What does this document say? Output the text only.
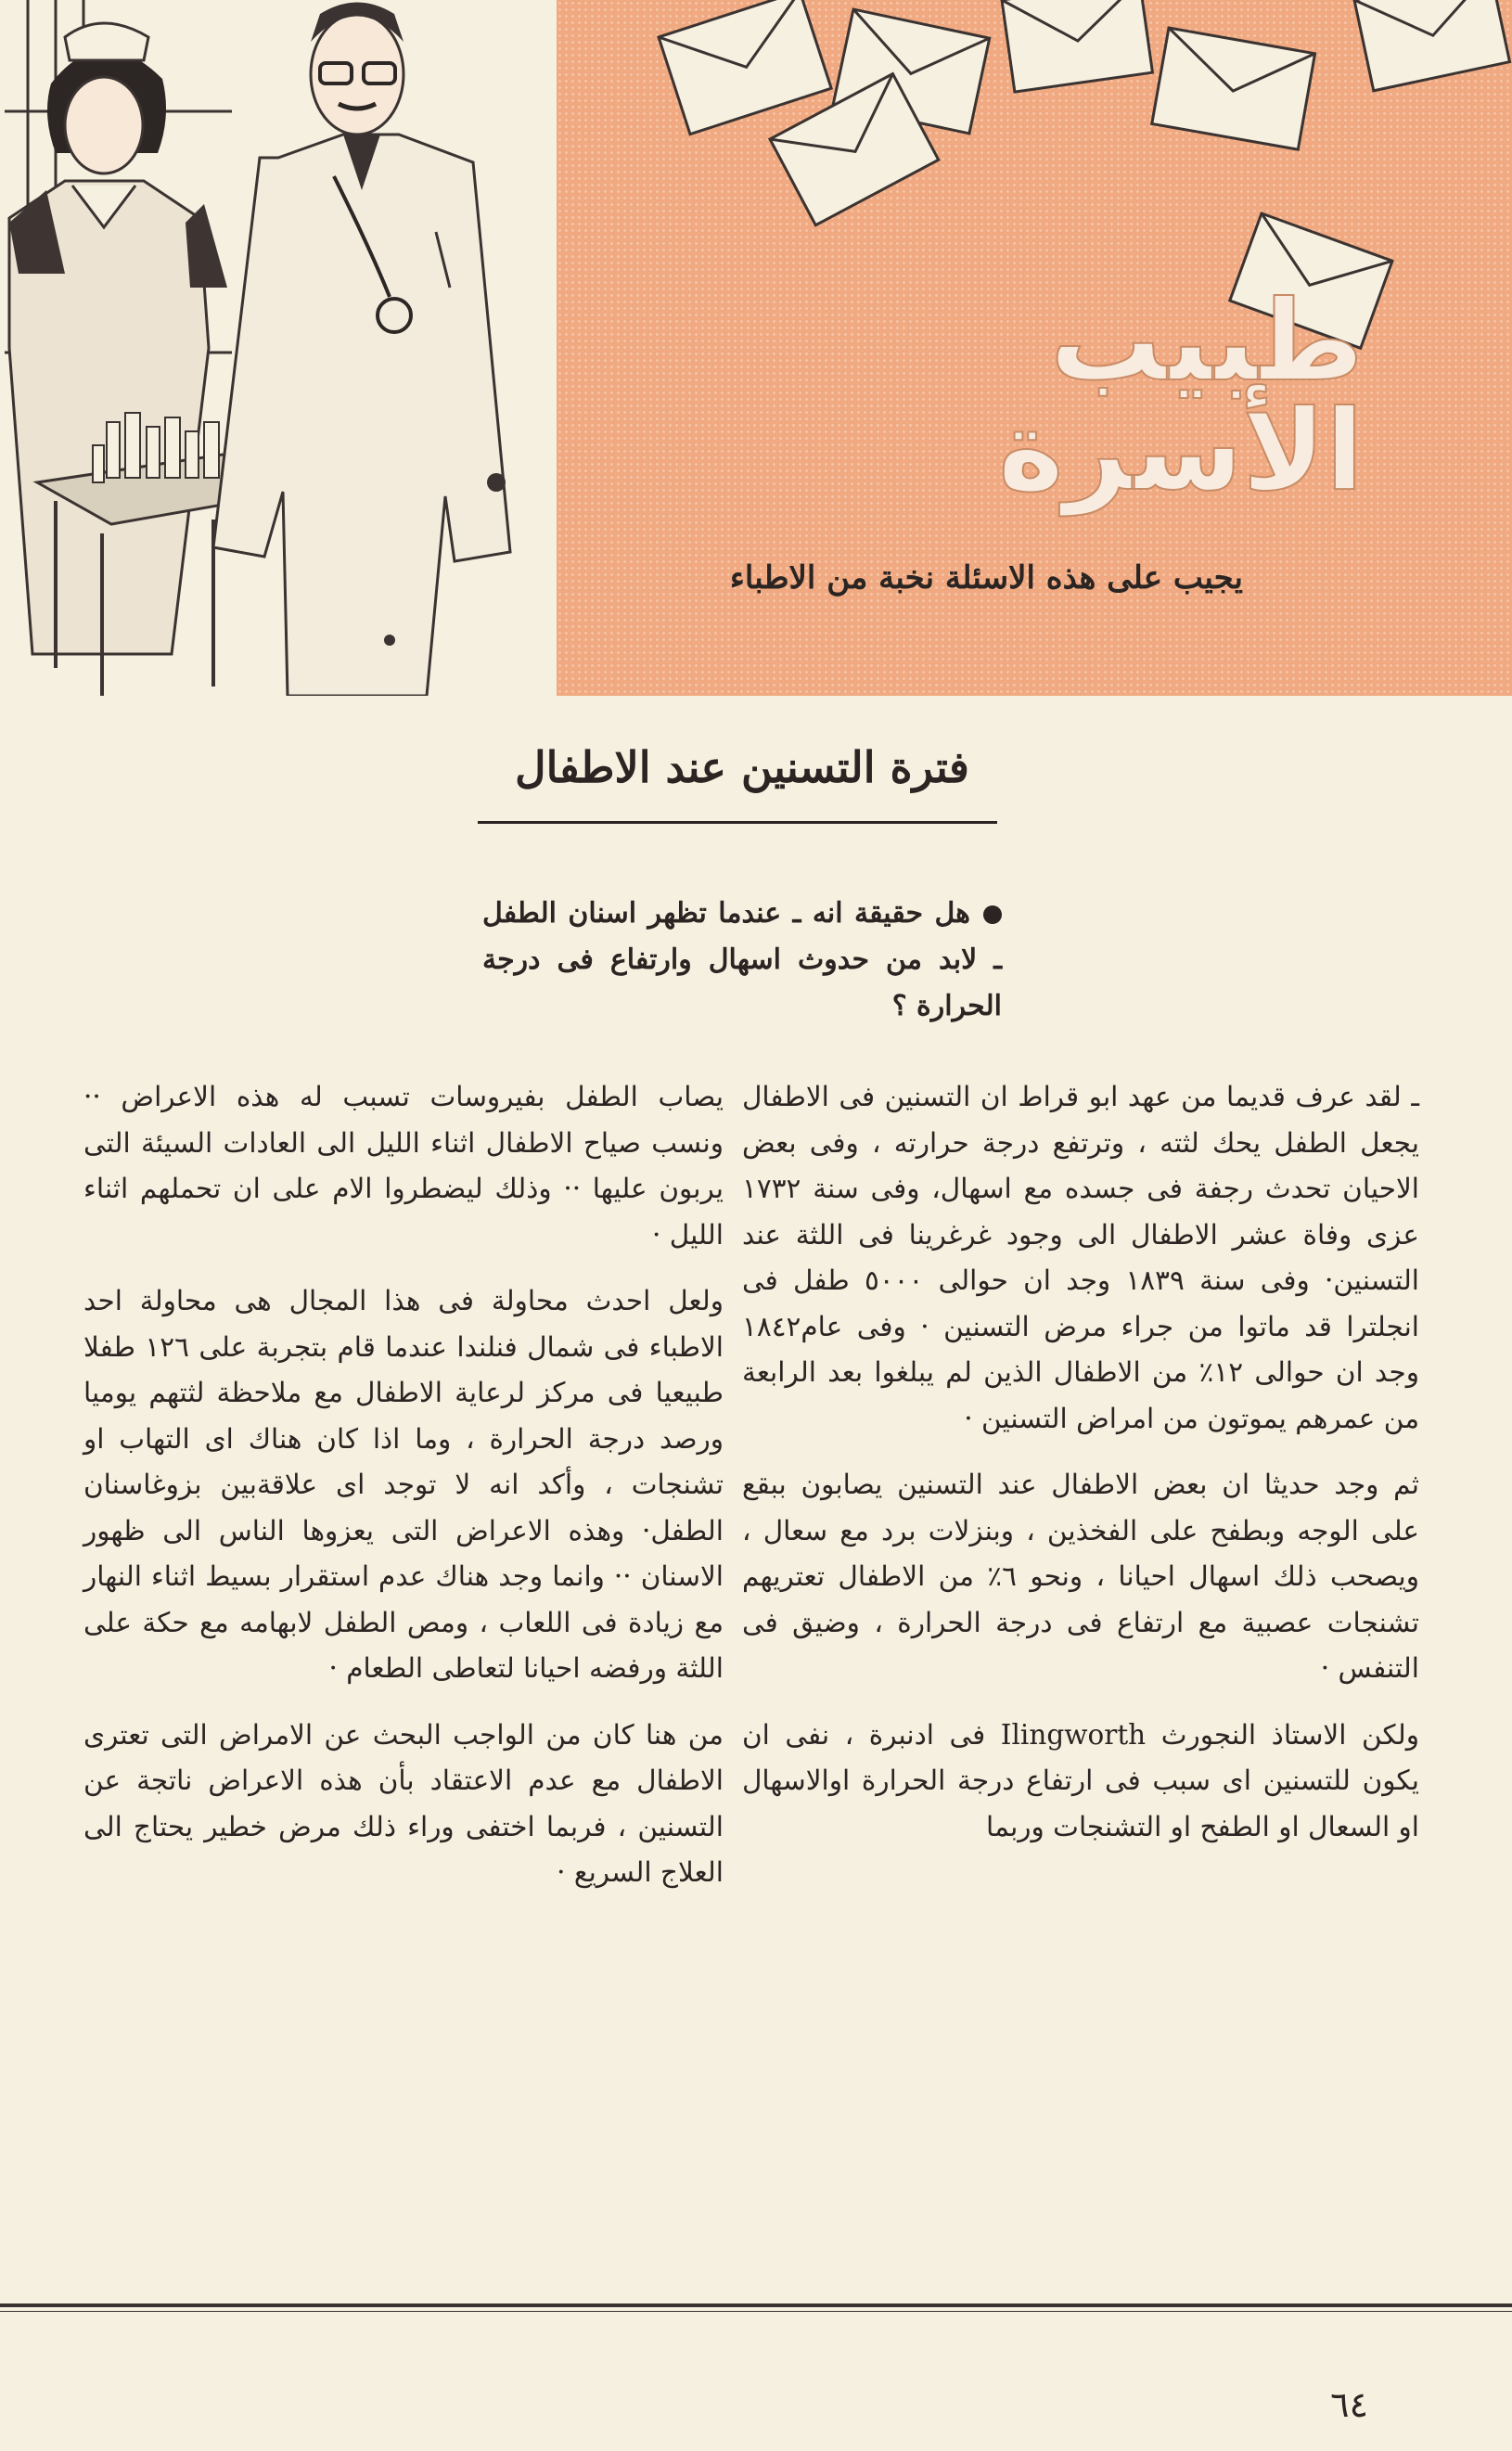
طبيب
الأسرة
يجيب على هذه الاسئلة نخبة من الاطباء
فترة التسنين عند الاطفال
هل حقيقة انه ـ عندما تظهر اسنان الطفل ـ لابد من حدوث اسهال وارتفاع فى درجة الحرارة ؟

ـ لقد عرف قديما من عهد ابو قراط ان التسنين فى الاطفال يجعل الطفل يحك لثته ، وترتفع درجة حرارته ، وفى بعض الاحيان تحدث رجفة فى جسده مع اسهال، وفى سنة ١٧٣٢ عزى وفاة عشر الاطفال الى وجود غرغرينا فى اللثة عند التسنين· وفى سنة ١٨٣٩ وجد ان حوالى ٥٠٠٠ طفل فى انجلترا قد ماتوا من جراء مرض التسنين · وفى عام١٨٤٢ وجد ان حوالى ١٢٪ من الاطفال الذين لم يبلغوا بعد الرابعة من عمرهم يموتون من امراض التسنين ·

ثم وجد حديثا ان بعض الاطفال عند التسنين يصابون ببقع على الوجه وبطفح على الفخذين ، وبنزلات برد مع سعال ، ويصحب ذلك اسهال احيانا ، ونحو ٦٪ من الاطفال تعتريهم تشنجات عصبية مع ارتفاع فى درجة الحرارة ، وضيق فى التنفس ·

ولكن الاستاذ النجورث Ilingworth فى ادنبرة ، نفى ان يكون للتسنين اى سبب فى ارتفاع درجة الحرارة اوالاسهال او السعال او الطفح او التشنجات وربما

يصاب الطفل بفيروسات تسبب له هذه الاعراض ·· ونسب صياح الاطفال اثناء الليل الى العادات السيئة التى يربون عليها ·· وذلك ليضطروا الام على ان تحملهم اثناء الليل ·

ولعل احدث محاولة فى هذا المجال هى محاولة احد الاطباء فى شمال فنلندا عندما قام بتجربة على ١٢٦ طفلا طبيعيا فى مركز لرعاية الاطفال مع ملاحظة لثتهم يوميا ورصد درجة الحرارة ، وما اذا كان هناك اى التهاب او تشنجات ، وأكد انه لا توجد اى علاقةبين بزوغاسنان الطفل· وهذه الاعراض التى يعزوها الناس الى ظهور الاسنان ·· وانما وجد هناك عدم استقرار بسيط اثناء النهار مع زيادة فى اللعاب ، ومص الطفل لابهامه مع حكة على اللثة ورفضه احيانا لتعاطى الطعام ·

من هنا كان من الواجب البحث عن الامراض التى تعترى الاطفال مع عدم الاعتقاد بأن هذه الاعراض ناتجة عن التسنين ، فربما اختفى وراء ذلك مرض خطير يحتاج الى العلاج السريع ·

٦٤
